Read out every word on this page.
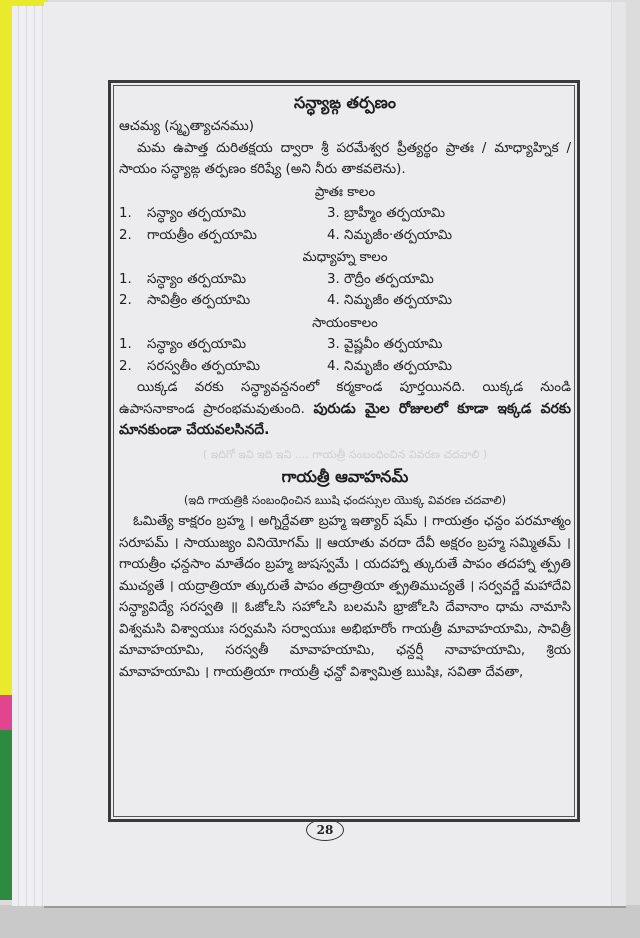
సన్ధ్యాఙ్గ తర్పణం
ఆచమ్య (స్మృత్యాచనము)
మమ ఉపాత్త దురితక్షయ ద్వారా శ్రీ పరమేశ్వర ప్రీత్యర్థం ప్రాతః / మాధ్యాహ్నిక / సాయం సన్ధ్యాఙ్గ తర్పణం కరిష్యే (అని నీరు తాకవలెను).
ప్రాతః కాలం
1. సన్ధ్యాం తర్పయామి	3. బ్రాహ్మీం తర్పయామి
2. గాయత్రీం తర్పయామి	4. నిమృజీం·తర్పయామి
మధ్యాహ్న కాలం
1. సన్ధ్యాం తర్పయామి	3. రౌద్రీం తర్పయామి
2. సావిత్రీం తర్పయామి	4. నిమృజీం తర్పయామి
సాయంకాలం
1. సన్ధ్యాం తర్పయామి	3. వైష్ణవీం తర్పయామి
2. సరస్వతీం తర్పయామి	4. నిమృజీం తర్పయామి
యిక్కడ వరకు సన్ధ్యావన్దనంలో కర్మకాండ పూర్తయినది. యిక్కడ నుండి ఉపాసనాకాండ ప్రారంభమవుతుంది. పురుడు మైల రోజులలో కూడా ఇక్కడ వరకు మానకుండా చేయవలసినదే.
( ఇదిగో ఇవి ఇది ఇవి .... గాయత్రీ సంబంధించిన వివరణ చదవాలి )
గాయత్రీ ఆవాహనమ్
(ఇది గాయత్రికి సంబంధించిన ఋషి ఛందస్సుల యొక్క వివరణ చదవాలి)
ఓమిత్యే కాక్షరం బ్రహ్మ । అగ్నిర్దేవతా బ్రహ్మ ఇత్యార్ షమ్ । గాయత్రం ఛన్దం పరమాత్మం సరూపమ్ । సాయుజ్యం వినియోగమ్ ॥ ఆయాతు వరదా దేవీ అక్షరం బ్రహ్మ సమ్మితమ్ । గాయత్రీం ఛన్దసాం మాతేదం బ్రహ్మ జుషస్వమే । యదహ్నా త్కురుతే పాపం తదహ్నా త్ప్రతి ముచ్యతే । యద్రాత్రియా త్కురుతే పాపం తద్రాత్రియా త్ప్రతిముచ్యతే । సర్వవర్ణే మహాదేవి సన్ధ్యావిద్యే సరస్వతి ॥ ఓజోఽసి సహోఽసి బలమసి భ్రాజోఽసి దేవానాం ధామ నామాసి విశ్వమసి విశ్వాయుః సర్వమసి సర్వాయుః అభిభూరోం గాయత్రీ మావాహయామి, సావిత్రీ మావాహయామి, సరస్వతీ మావాహయామి, ఛన్దర్షీ నావాహయామి, శ్రియ మావాహయామి । గాయత్రియా గాయత్రీ ఛన్దో విశ్వామిత్ర ఋషిః, సవితా దేవతా,
28
